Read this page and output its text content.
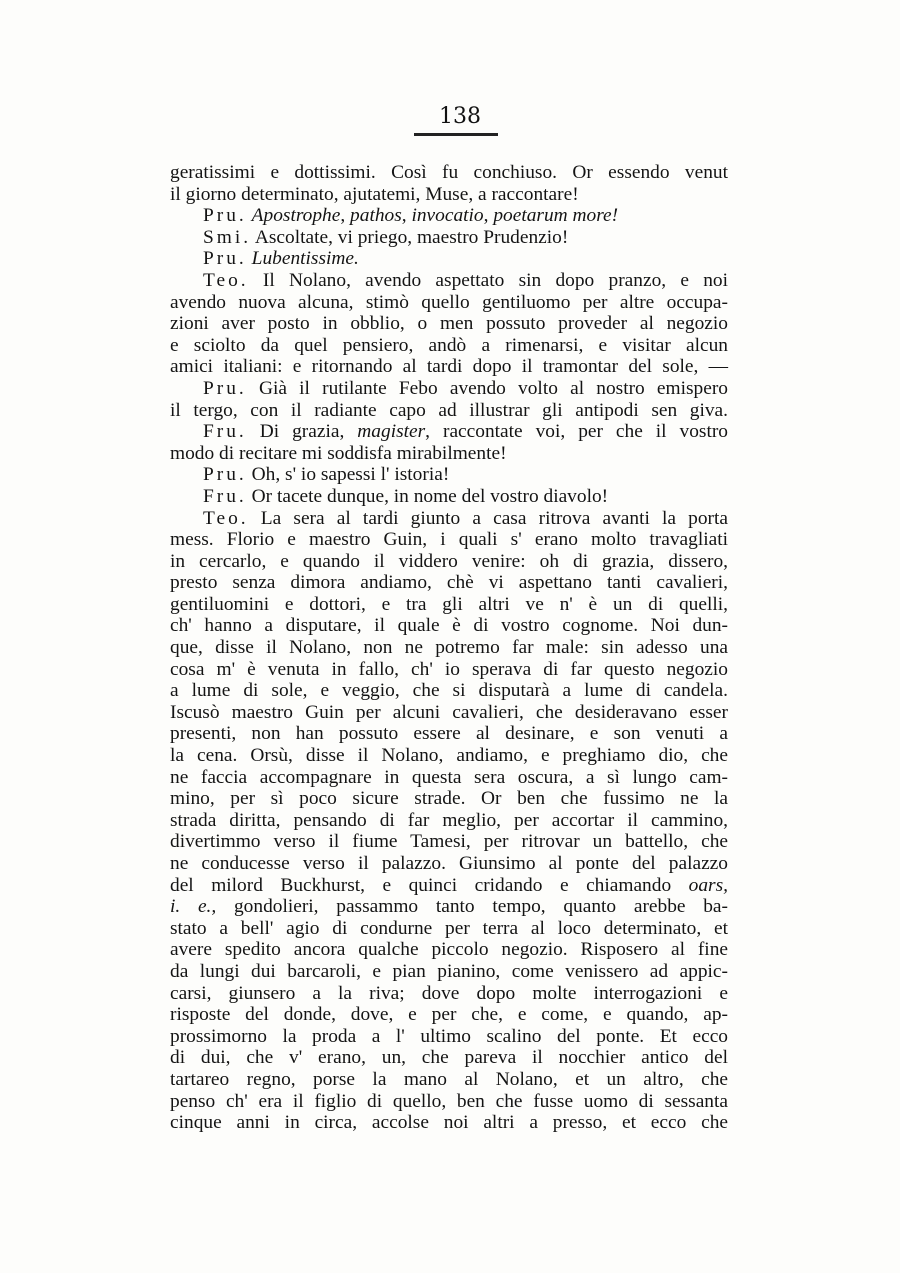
138
geratissimi e dottissimi. Così fu conchiuso. Or essendo venut
il giorno determinato, ajutatemi, Muse, a raccontare!
Pru. Apostrophe, pathos, invocatio, poetarum more!
Smi. Ascoltate, vi priego, maestro Prudenzio!
Pru. Lubentissime.
Teo. Il Nolano, avendo aspettato sin dopo pranzo, e noi
avendo nuova alcuna, stimò quello gentiluomo per altre occupa-
zioni aver posto in obblio, o men possuto proveder al negozio
e sciolto da quel pensiero, andò a rimenarsi, e visitar alcun
amici italiani: e ritornando al tardi dopo il tramontar del sole, —
Pru. Già il rutilante Febo avendo volto al nostro emispero
il tergo, con il radiante capo ad illustrar gli antipodi sen giva.
Fru. Di grazia, magister, raccontate voi, per che il vostro
modo di recitare mi soddisfa mirabilmente!
Pru. Oh, s' io sapessi l' istoria!
Fru. Or tacete dunque, in nome del vostro diavolo!
Teo. La sera al tardi giunto a casa ritrova avanti la porta
mess. Florio e maestro Guin, i quali s' erano molto travagliati
in cercarlo, e quando il viddero venire: oh di grazia, dissero,
presto senza dimora andiamo, chè vi aspettano tanti cavalieri,
gentiluomini e dottori, e tra gli altri ve n' è un di quelli,
ch' hanno a disputare, il quale è di vostro cognome. Noi dun-
que, disse il Nolano, non ne potremo far male: sin adesso una
cosa m' è venuta in fallo, ch' io sperava di far questo negozio
a lume di sole, e veggio, che si disputarà a lume di candela.
Iscusò maestro Guin per alcuni cavalieri, che desideravano esser
presenti, non han possuto essere al desinare, e son venuti a
la cena. Orsù, disse il Nolano, andiamo, e preghiamo dio, che
ne faccia accompagnare in questa sera oscura, a sì lungo cam-
mino, per sì poco sicure strade. Or ben che fussimo ne la
strada diritta, pensando di far meglio, per accortar il cammino,
divertimmo verso il fiume Tamesi, per ritrovar un battello, che
ne conducesse verso il palazzo. Giunsimo al ponte del palazzo
del milord Buckhurst, e quinci cridando e chiamando oars,
i. e., gondolieri, passammo tanto tempo, quanto arebbe ba-
stato a bell' agio di condurne per terra al loco determinato, et
avere spedito ancora qualche piccolo negozio. Risposero al fine
da lungi dui barcaroli, e pian pianino, come venissero ad appic-
carsi, giunsero a la riva; dove dopo molte interrogazioni e
risposte del donde, dove, e per che, e come, e quando, ap-
prossimorno la proda a l' ultimo scalino del ponte. Et ecco
di dui, che v' erano, un, che pareva il nocchier antico del
tartareo regno, porse la mano al Nolano, et un altro, che
penso ch' era il figlio di quello, ben che fusse uomo di sessanta
cinque anni in circa, accolse noi altri a presso, et ecco che
